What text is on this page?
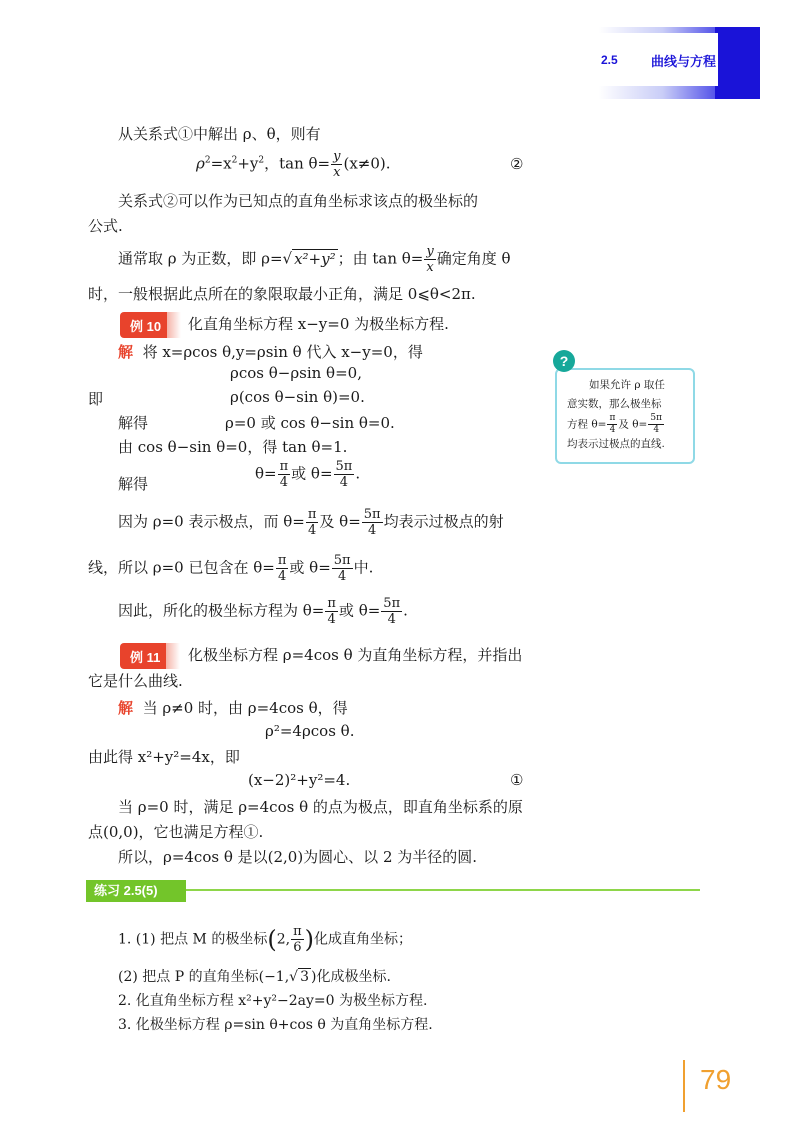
2.5	曲线与方程
从关系式①中解出 ρ、θ，则有
$\rho^2=x^2+y^2$，$\tan \theta= \frac{y}{x} (x\ne 0)$.	②
关系式②可以作为已知点的直角坐标求该点的极坐标的
公式.
通常取 ρ 为正数，即 ρ=√ x²+y² ；由 $\tan \theta= \frac{y}{x}$ 确定角度 θ
时，一般根据此点所在的象限取最小正角，满足 0⩽θ<2π.
例 10	化直角坐标方程 x−y=0 为极坐标方程.
解 将 x=ρcos θ,y=ρsin θ 代入 x−y=0，得
ρcos θ−ρsin θ=0,
即	ρ(cos θ−sin θ)=0.
解得	ρ=0 或 cos θ−sin θ=0.
由 cos θ−sin θ=0，得 tan θ=1.
解得
$\theta= \frac{\pi}{4}$ 或 $\theta= \frac{5\pi}{4}$ .
因为 ρ=0 表示极点，而 $\theta= \frac{\pi}{4}$ 及 $\theta= \frac{5\pi}{4}$ 均表示过极点的射
线，所以 ρ=0 已包含在 $\theta= \frac{\pi}{4}$ 或 $\theta= \frac{5\pi}{4}$ 中.
因此，所化的极坐标方程为 $\theta= \frac{\pi}{4}$ 或 $\theta= \frac{5\pi}{4}$ .
例 11	化极坐标方程 ρ=4cos θ 为直角坐标方程，并指出
它是什么曲线.
解 当 ρ≠0 时，由 ρ=4cos θ，得
ρ²=4ρcos θ.
由此得 x²+y²=4x，即
(x−2)²+y²=4.	①
当 ρ=0 时，满足 ρ=4cos θ 的点为极点，即直角坐标系的原
点(0,0)，它也满足方程①.
所以，ρ=4cos θ 是以(2,0)为圆心、以 2 为半径的圆.
如果允许 ρ 取任
意实数，那么极坐标
方程 $\theta= \frac{\pi}{4}$ 及 $\theta= \frac{5\pi}{4}$
均表示过极点的直线.
?
练习 2.5(5)
1. (1) 把点 M 的极坐标(2, $\frac{\pi}{6}$ )化成直角坐标；
(2) 把点 P 的直角坐标(−1,√ 3 )化成极坐标.
2. 化直角坐标方程 x²+y²−2ay=0 为极坐标方程.
3. 化极坐标方程 ρ=sin θ+cos θ 为直角坐标方程.
79
